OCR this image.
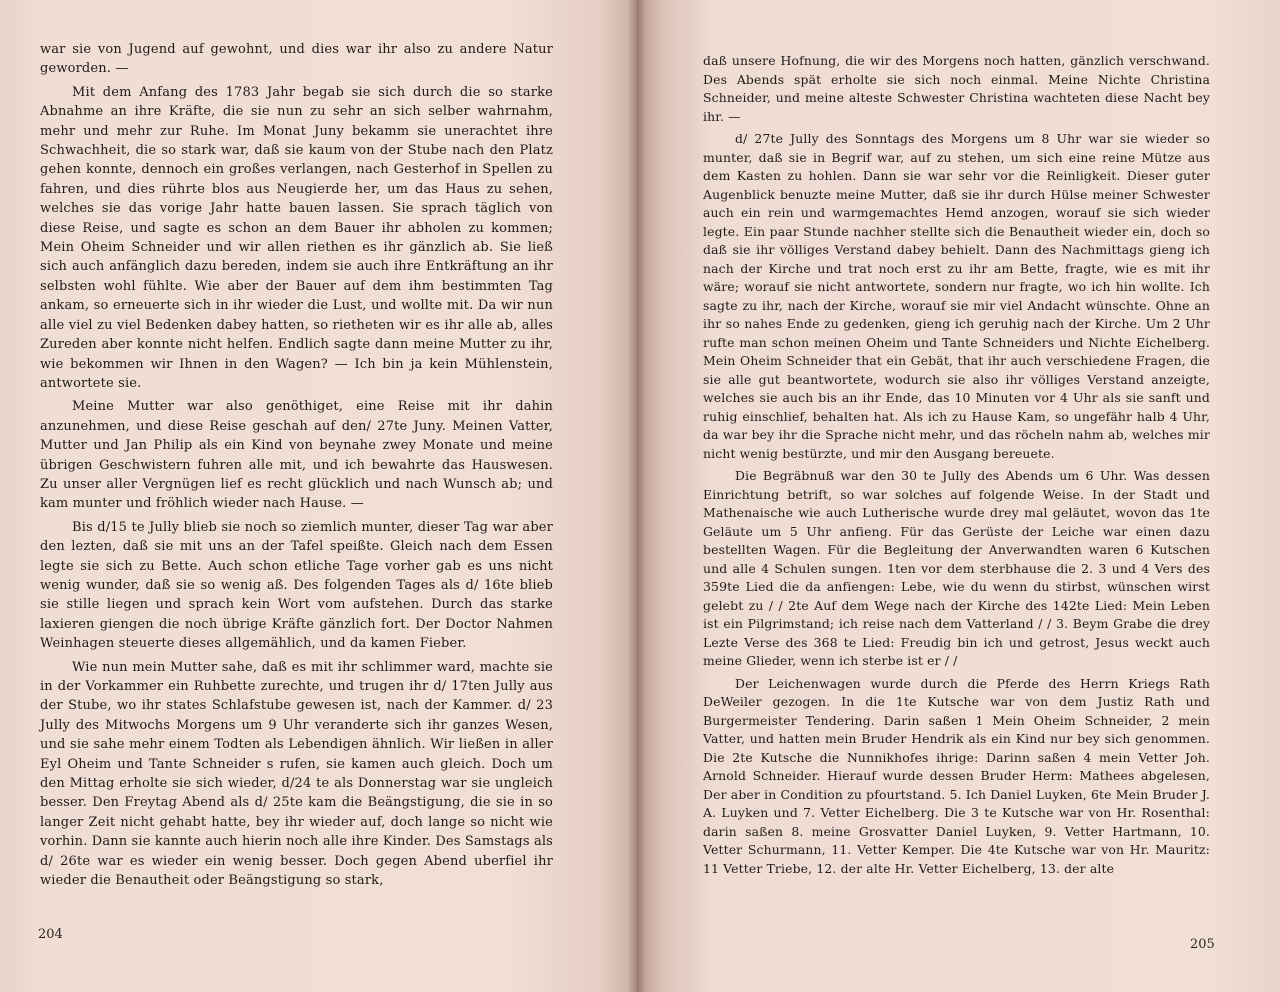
war sie von Jugend auf gewohnt, und dies war ihr also zu andere Natur geworden. —

Mit dem Anfang des 1783 Jahr begab sie sich durch die so starke Abnahme an ihre Kräfte, die sie nun zu sehr an sich selber wahrnahm, mehr und mehr zur Ruhe. Im Monat Juny bekamm sie unerachtet ihre Schwachheit, die so stark war, daß sie kaum von der Stube nach den Platz gehen konnte, dennoch ein großes verlangen, nach Gesterhof in Spellen zu fahren, und dies rührte blos aus Neugierde her, um das Haus zu sehen, welches sie das vorige Jahr hatte bauen lassen. Sie sprach täglich von diese Reise, und sagte es schon an dem Bauer ihr abholen zu kommen; Mein Oheim Schneider und wir allen riethen es ihr gänzlich ab. Sie ließ sich auch anfänglich dazu bereden, indem sie auch ihre Entkräftung an ihr selbsten wohl fühlte. Wie aber der Bauer auf dem ihm bestimmten Tag ankam, so erneuerte sich in ihr wieder die Lust, und wollte mit. Da wir nun alle viel zu viel Bedenken dabey hatten, so rietheten wir es ihr alle ab, alles Zureden aber konnte nicht helfen. Endlich sagte dann meine Mutter zu ihr, wie bekommen wir Ihnen in den Wagen? — Ich bin ja kein Mühlenstein, antwortete sie.

Meine Mutter war also genöthiget, eine Reise mit ihr dahin anzunehmen, und diese Reise geschah auf den/ 27te Juny. Meinen Vatter, Mutter und Jan Philip als ein Kind von beynahe zwey Monate und meine übrigen Geschwistern fuhren alle mit, und ich bewahrte das Hauswesen. Zu unser aller Vergnügen lief es recht glücklich und nach Wunsch ab; und kam munter und fröhlich wieder nach Hause. —

Bis d/15 te Jully blieb sie noch so ziemlich munter, dieser Tag war aber den lezten, daß sie mit uns an der Tafel speißte. Gleich nach dem Essen legte sie sich zu Bette. Auch schon etliche Tage vorher gab es uns nicht wenig wunder, daß sie so wenig aß. Des folgenden Tages als d/ 16te blieb sie stille liegen und sprach kein Wort vom aufstehen. Durch das starke laxieren giengen die noch übrige Kräfte gänzlich fort. Der Doctor Nahmen Weinhagen steuerte dieses allgemählich, und da kamen Fieber.

Wie nun mein Mutter sahe, daß es mit ihr schlimmer ward, machte sie in der Vorkammer ein Ruhbette zurechte, und trugen ihr d/ 17ten Jully aus der Stube, wo ihr states Schlafstube gewesen ist, nach der Kammer. d/ 23 Jully des Mitwochs Morgens um 9 Uhr veranderte sich ihr ganzes Wesen, und sie sahe mehr einem Todten als Lebendigen ähnlich. Wir ließen in aller Eyl Oheim und Tante Schneider s rufen, sie kamen auch gleich. Doch um den Mittag erholte sie sich wieder, d/24 te als Donnerstag war sie ungleich besser. Den Freytag Abend als d/ 25te kam die Beängstigung, die sie in so langer Zeit nicht gehabt hatte, bey ihr wieder auf, doch lange so nicht wie vorhin. Dann sie kannte auch hierin noch alle ihre Kinder. Des Samstags als d/ 26te war es wieder ein wenig besser. Doch gegen Abend uberfiel ihr wieder die Benautheit oder Beängstigung so stark,

204

daß unsere Hofnung, die wir des Morgens noch hatten, gänzlich verschwand. Des Abends spät erholte sie sich noch einmal. Meine Nichte Christina Schneider, und meine alteste Schwester Christina wachteten diese Nacht bey ihr. —

d/ 27te Jully des Sonntags des Morgens um 8 Uhr war sie wieder so munter, daß sie in Begrif war, auf zu stehen, um sich eine reine Mütze aus dem Kasten zu hohlen. Dann sie war sehr vor die Reinligkeit. Dieser guter Augenblick benuzte meine Mutter, daß sie ihr durch Hülse meiner Schwester auch ein rein und warmgemachtes Hemd anzogen, worauf sie sich wieder legte. Ein paar Stunde nachher stellte sich die Benautheit wieder ein, doch so daß sie ihr völliges Verstand dabey behielt. Dann des Nachmittags gieng ich nach der Kirche und trat noch erst zu ihr am Bette, fragte, wie es mit ihr wäre; worauf sie nicht antwortete, sondern nur fragte, wo ich hin wollte. Ich sagte zu ihr, nach der Kirche, worauf sie mir viel Andacht wünschte. Ohne an ihr so nahes Ende zu gedenken, gieng ich geruhig nach der Kirche. Um 2 Uhr rufte man schon meinen Oheim und Tante Schneiders und Nichte Eichelberg. Mein Oheim Schneider that ein Gebät, that ihr auch verschiedene Fragen, die sie alle gut beantwortete, wodurch sie also ihr völliges Verstand anzeigte, welches sie auch bis an ihr Ende, das 10 Minuten vor 4 Uhr als sie sanft und ruhig einschlief, behalten hat. Als ich zu Hause Kam, so ungefähr halb 4 Uhr, da war bey ihr die Sprache nicht mehr, und das röcheln nahm ab, welches mir nicht wenig bestürzte, und mir den Ausgang bereuete.

Die Begräbnuß war den 30 te Jully des Abends um 6 Uhr. Was dessen Einrichtung betrift, so war solches auf folgende Weise. In der Stadt und Mathenaische wie auch Lutherische wurde drey mal geläutet, wovon das 1te Geläute um 5 Uhr anfieng. Für das Gerüste der Leiche war einen dazu bestellten Wagen. Für die Begleitung der Anverwandten waren 6 Kutschen und alle 4 Schulen sungen. 1ten vor dem sterbhause die 2. 3 und 4 Vers des 359te Lied die da anfiengen: Lebe, wie du wenn du stirbst, wünschen wirst gelebt zu / / 2te Auf dem Wege nach der Kirche des 142te Lied: Mein Leben ist ein Pilgrimstand; ich reise nach dem Vatterland / / 3. Beym Grabe die drey Lezte Verse des 368 te Lied: Freudig bin ich und getrost, Jesus weckt auch meine Glieder, wenn ich sterbe ist er / /

Der Leichenwagen wurde durch die Pferde des Herrn Kriegs Rath DeWeiler gezogen. In die 1te Kutsche war von dem Justiz Rath und Burgermeister Tendering. Darin saßen 1 Mein Oheim Schneider, 2 mein Vatter, und hatten mein Bruder Hendrik als ein Kind nur bey sich genommen. Die 2te Kutsche die Nunnikhofes ihrige: Darinn saßen 4 mein Vetter Joh. Arnold Schneider. Hierauf wurde dessen Bruder Herm: Mathees abgelesen, Der aber in Condition zu pfourtstand. 5. Ich Daniel Luyken, 6te Mein Bruder J. A. Luyken und 7. Vetter Eichelberg. Die 3 te Kutsche war von Hr. Rosenthal: darin saßen 8. meine Grosvatter Daniel Luyken, 9. Vetter Hartmann, 10. Vetter Schurmann, 11. Vetter Kemper. Die 4te Kutsche war von Hr. Mauritz: 11 Vetter Triebe, 12. der alte Hr. Vetter Eichelberg, 13. der alte

205
